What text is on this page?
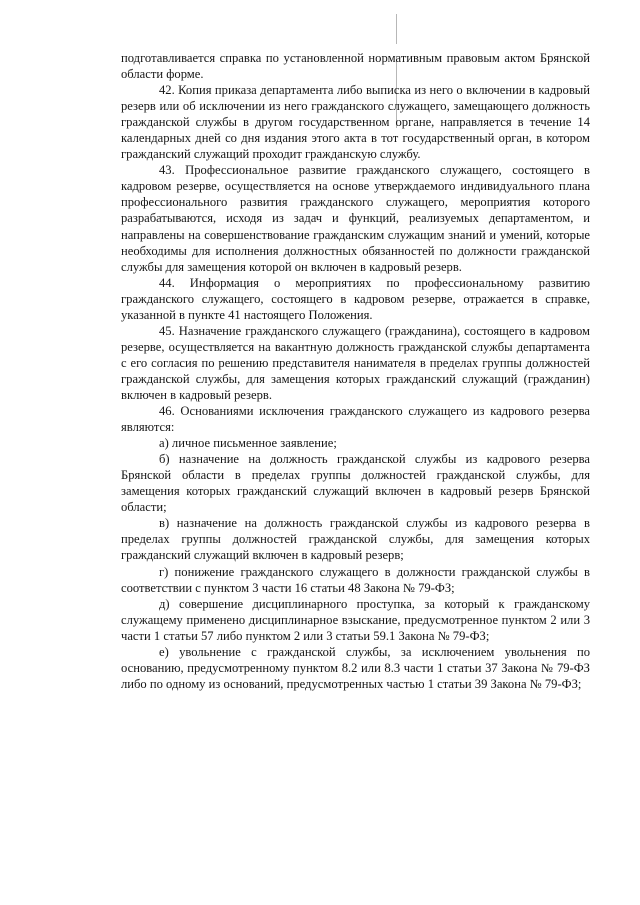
подготавливается справка по установленной нормативным правовым актом Брянской области форме.

42. Копия приказа департамента либо выписка из него о включении в кадровый резерв или об исключении из него гражданского служащего, замещающего должность гражданской службы в другом государственном органе, направляется в течение 14 календарных дней со дня издания этого акта в тот государственный орган, в котором гражданский служащий проходит гражданскую службу.

43. Профессиональное развитие гражданского служащего, состоящего в кадровом резерве, осуществляется на основе утверждаемого индивидуального плана профессионального развития гражданского служащего, мероприятия которого разрабатываются, исходя из задач и функций, реализуемых департаментом, и направлены на совершенствование гражданским служащим знаний и умений, которые необходимы для исполнения должностных обязанностей по должности гражданской службы для замещения которой он включен в кадровый резерв.

44. Информация о мероприятиях по профессиональному развитию гражданского служащего, состоящего в кадровом резерве, отражается в справке, указанной в пункте 41 настоящего Положения.

45. Назначение гражданского служащего (гражданина), состоящего в кадровом резерве, осуществляется на вакантную должность гражданской службы департамента с его согласия по решению представителя нанимателя в пределах группы должностей гражданской службы, для замещения которых гражданский служащий (гражданин) включен в кадровый резерв.

46. Основаниями исключения гражданского служащего из кадрового резерва являются:

а) личное письменное заявление;

б) назначение на должность гражданской службы из кадрового резерва Брянской области в пределах группы должностей гражданской службы, для замещения которых гражданский служащий включен в кадровый резерв Брянской области;

в) назначение на должность гражданской службы из кадрового резерва в пределах группы должностей гражданской службы, для замещения которых гражданский служащий включен в кадровый резерв;

г) понижение гражданского служащего в должности гражданской службы в соответствии с пунктом 3 части 16 статьи 48 Закона № 79-ФЗ;

д) совершение дисциплинарного проступка, за который к гражданскому служащему применено дисциплинарное взыскание, предусмотренное пунктом 2 или 3 части 1 статьи 57 либо пунктом 2 или 3 статьи 59.1 Закона № 79-ФЗ;

е) увольнение с гражданской службы, за исключением увольнения по основанию, предусмотренному пунктом 8.2 или 8.3 части 1 статьи 37 Закона № 79-ФЗ либо по одному из оснований, предусмотренных частью 1 статьи 39 Закона № 79-ФЗ;
